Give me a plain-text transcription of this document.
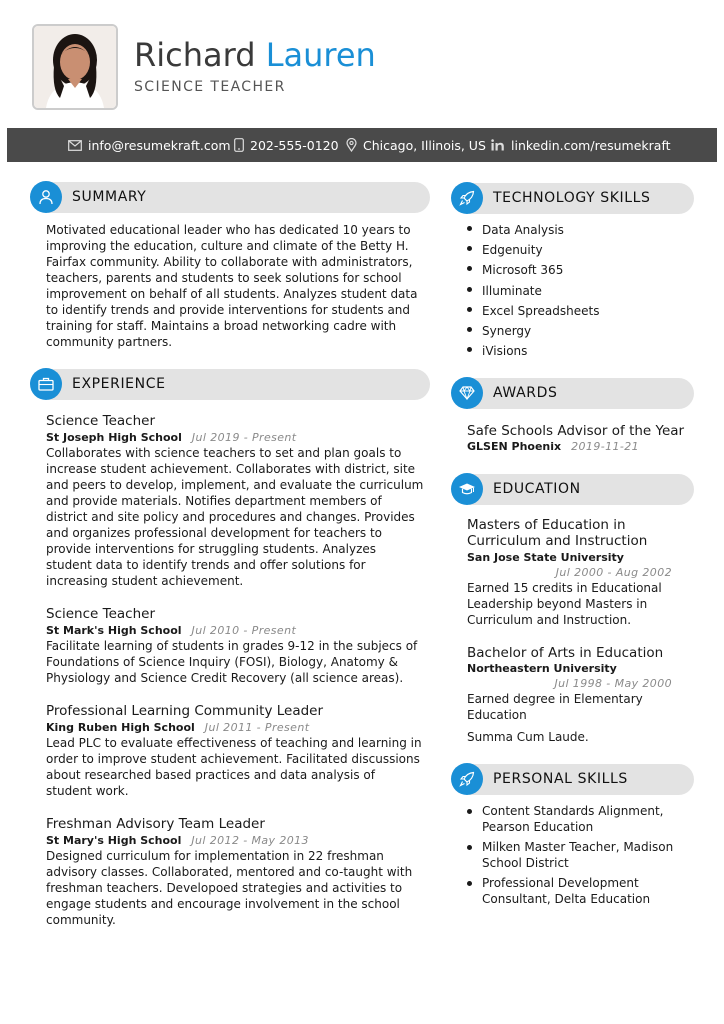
Richard Lauren
SCIENCE TEACHER
info@resumekraft.com 202-555-0120 Chicago, Illinois, US linkedin.com/resumekraft
SUMMARY
Motivated educational leader who has dedicated 10 years to improving the education, culture and climate of the Betty H. Fairfax community. Ability to collaborate with administrators, teachers, parents and students to seek solutions for school improvement on behalf of all students. Analyzes student data to identify trends and provide interventions for students and training for staff. Maintains a broad networking cadre with community partners.
EXPERIENCE
Science Teacher
St Joseph High School Jul 2019 - Present
Collaborates with science teachers to set and plan goals to increase student achievement. Collaborates with district, site and peers to develop, implement, and evaluate the curriculum and provide materials. Notifies department members of district and site policy and procedures and changes. Provides and organizes professional development for teachers to provide interventions for struggling students. Analyzes student data to identify trends and offer solutions for increasing student achievement.
Science Teacher
St Mark's High School Jul 2010 - Present
Facilitate learning of students in grades 9-12 in the subjecs of Foundations of Science Inquiry (FOSI), Biology, Anatomy & Physiology and Science Credit Recovery (all science areas).
Professional Learning Community Leader
King Ruben High School Jul 2011 - Present
Lead PLC to evaluate effectiveness of teaching and learning in order to improve student achievement. Facilitated discussions about researched based practices and data analysis of student work.
Freshman Advisory Team Leader
St Mary's High School Jul 2012 - May 2013
Designed curriculum for implementation in 22 freshman advisory classes. Collaborated, mentored and co-taught with freshman teachers. Developoed strategies and activities to engage students and encourage involvement in the school community.
TECHNOLOGY SKILLS
Data Analysis
Edgenuity
Microsoft 365
Illuminate
Excel Spreadsheets
Synergy
iVisions
AWARDS
Safe Schools Advisor of the Year
GLSEN Phoenix 2019-11-21
EDUCATION
Masters of Education in Curriculum and Instruction
San Jose State University
Jul 2000 - Aug 2002
Earned 15 credits in Educational Leadership beyond Masters in Curriculum and Instruction.
Bachelor of Arts in Education
Northeastern University
Jul 1998 - May 2000
Earned degree in Elementary Education
Summa Cum Laude.
PERSONAL SKILLS
Content Standards Alignment, Pearson Education
Milken Master Teacher, Madison School District
Professional Development Consultant, Delta Education
